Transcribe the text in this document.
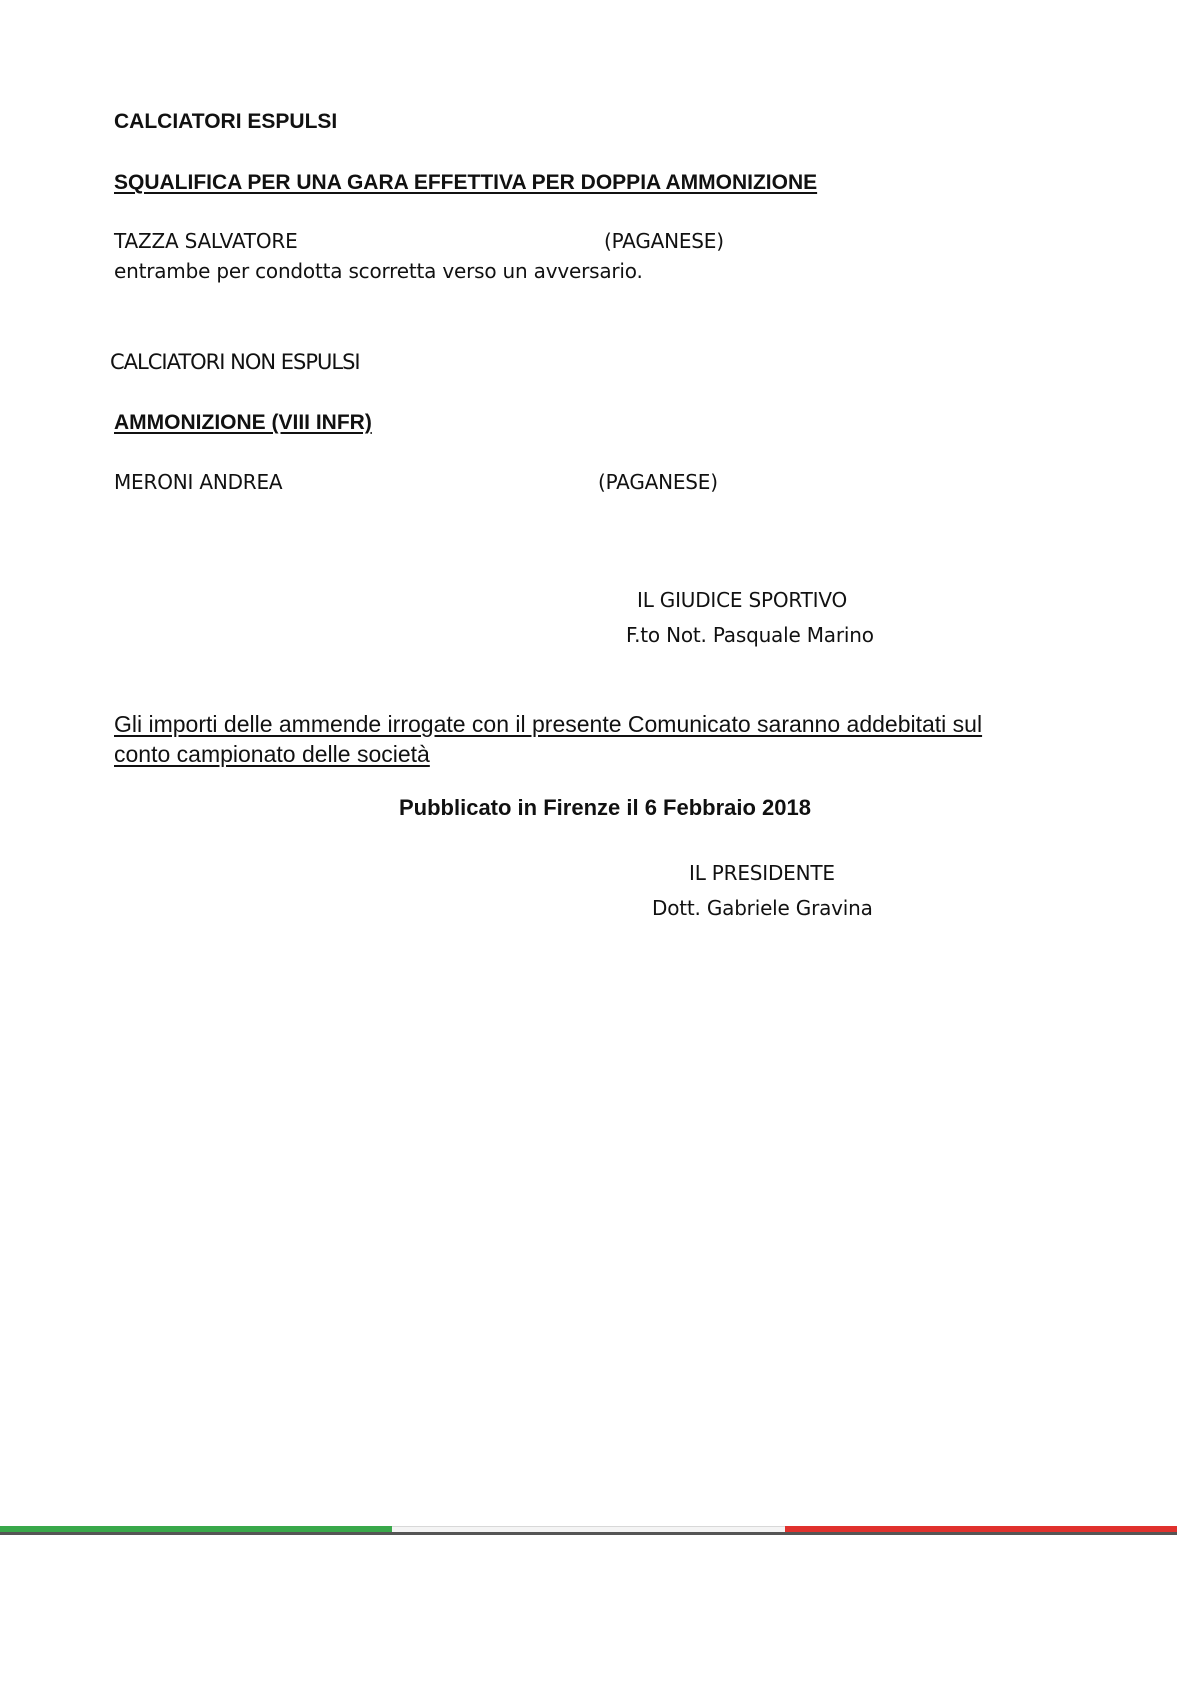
CALCIATORI ESPULSI
SQUALIFICA PER UNA GARA EFFETTIVA PER DOPPIA AMMONIZIONE
TAZZA SALVATORE	(PAGANESE)
entrambe per condotta scorretta verso un avversario.
CALCIATORI NON ESPULSI
AMMONIZIONE (VIII INFR)
MERONI ANDREA	(PAGANESE)
IL GIUDICE SPORTIVO
F.to Not. Pasquale Marino
Gli importi delle ammende irrogate con il presente Comunicato saranno addebitati sul
conto campionato delle società
Pubblicato in Firenze il 6 Febbraio 2018
IL PRESIDENTE
Dott. Gabriele Gravina
